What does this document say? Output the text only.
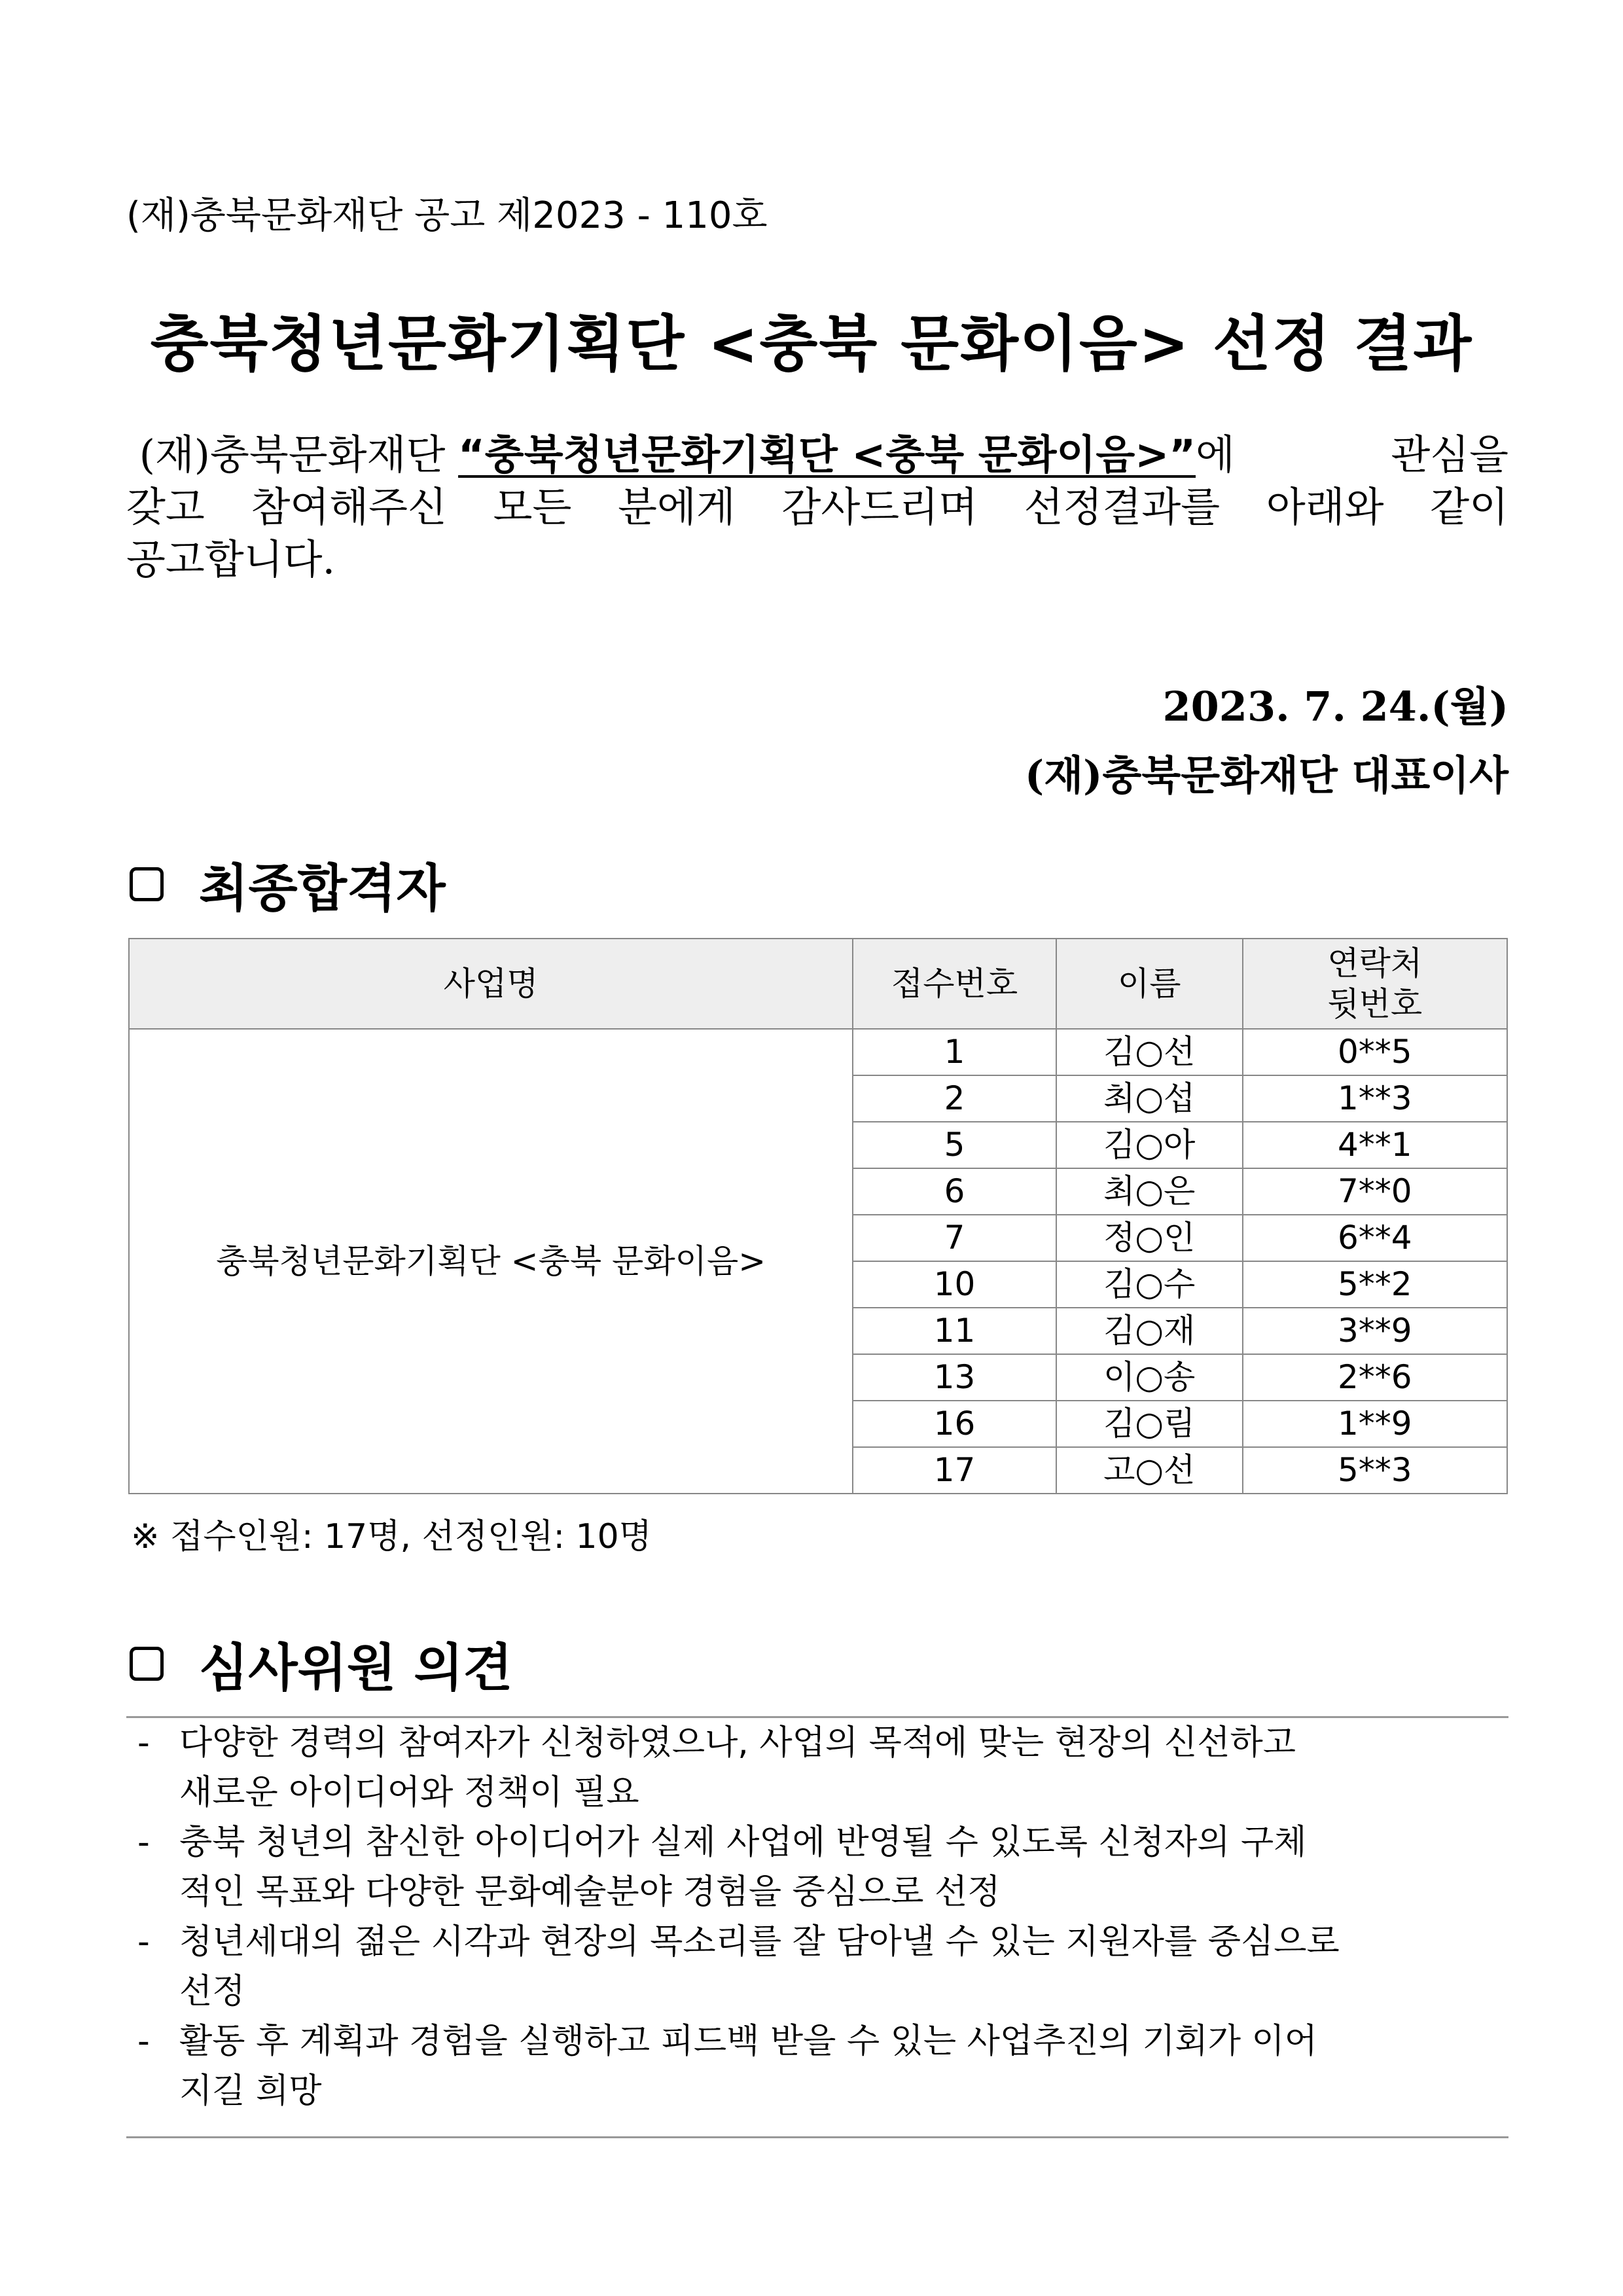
(재)충북문화재단 공고 제2023 - 110호
충북청년문화기획단 <충북 문화이음> 선정 결과
(재)충북문화재단 “충북청년문화기획단 <충북 문화이음>”에	관심을
갖고 참여해주신 모든 분에게 감사드리며 선정결과를 아래와 같이
공고합니다.
2023. 7. 24.(월)
(재)충북문화재단 대표이사
최종합격자
사업명	접수번호	이름	연락처
뒷번호
충북청년문화기획단 <충북 문화이음>	1	김○선	0**5
	2	최○섭	1**3
	5	김○아	4**1
	6	최○은	7**0
	7	정○인	6**4
	10	김○수	5**2
	11	김○재	3**9
	13	이○송	2**6
	16	김○림	1**9
	17	고○선	5**3
※ 접수인원: 17명, 선정인원: 10명
심사위원 의견
- 다양한 경력의 참여자가 신청하였으나, 사업의 목적에 맞는 현장의 신선하고
새로운 아이디어와 정책이 필요
- 충북 청년의 참신한 아이디어가 실제 사업에 반영될 수 있도록 신청자의 구체
적인 목표와 다양한 문화예술분야 경험을 중심으로 선정
- 청년세대의 젊은 시각과 현장의 목소리를 잘 담아낼 수 있는 지원자를 중심으로
선정
- 활동 후 계획과 경험을 실행하고 피드백 받을 수 있는 사업추진의 기회가 이어
지길 희망
